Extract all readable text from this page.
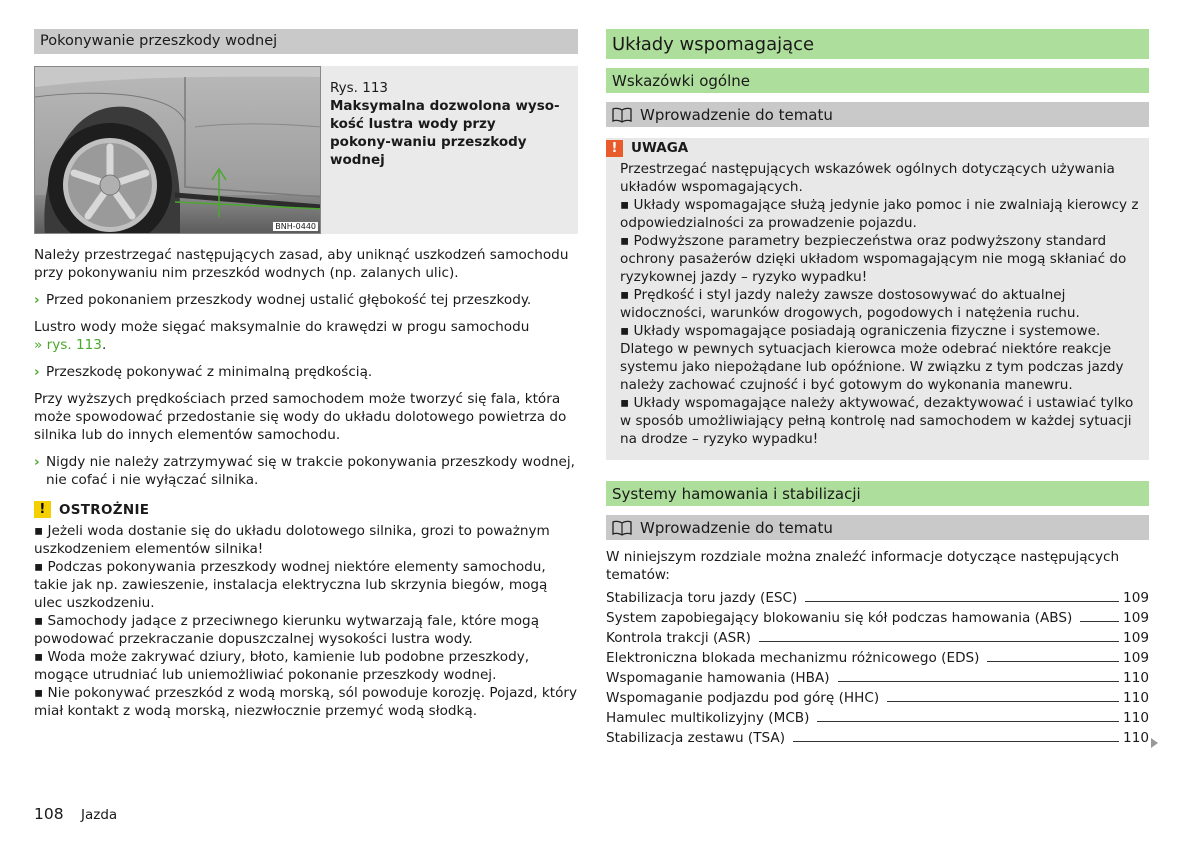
Pokonywanie przeszkody wodnej
BNH-0440
Rys. 113
Maksymalna dozwolona wyso-kość lustra wody przy pokony-waniu przeszkody wodnej
Należy przestrzegać następujących zasad, aby uniknąć uszkodzeń samochodu przy pokonywaniu nim przeszkód wodnych (np. zalanych ulic).
› Przed pokonaniem przeszkody wodnej ustalić głębokość tej przeszkody.
Lustro wody może sięgać maksymalnie do krawędzi w progu samochodu
» rys. 113.
› Przeszkodę pokonywać z minimalną prędkością.
Przy wyższych prędkościach przed samochodem może tworzyć się fala, która może spowodować przedostanie się wody do układu dolotowego powietrza do silnika lub do innych elementów samochodu.
› Nigdy nie należy zatrzymywać się w trakcie pokonywania przeszkody wodnej, nie cofać i nie wyłączać silnika.
! OSTROŻNIE
▪ Jeżeli woda dostanie się do układu dolotowego silnika, grozi to poważnym uszkodzeniem elementów silnika!
▪ Podczas pokonywania przeszkody wodnej niektóre elementy samochodu, takie jak np. zawieszenie, instalacja elektryczna lub skrzynia biegów, mogą ulec uszkodzeniu.
▪ Samochody jadące z przeciwnego kierunku wytwarzają fale, które mogą powodować przekraczanie dopuszczalnej wysokości lustra wody.
▪ Woda może zakrywać dziury, błoto, kamienie lub podobne przeszkody, mogące utrudniać lub uniemożliwiać pokonanie przeszkody wodnej.
▪ Nie pokonywać przeszkód z wodą morską, sól powoduje korozję. Pojazd, który miał kontakt z wodą morską, niezwłocznie przemyć wodą słodką.
Układy wspomagające
Wskazówki ogólne
Wprowadzenie do tematu
!	UWAGA
Przestrzegać następujących wskazówek ogólnych dotyczących używania układów wspomagających.
▪ Układy wspomagające służą jedynie jako pomoc i nie zwalniają kierowcy z odpowiedzialności za prowadzenie pojazdu.
▪ Podwyższone parametry bezpieczeństwa oraz podwyższony standard ochrony pasażerów dzięki układom wspomagającym nie mogą skłaniać do ryzykownej jazdy – ryzyko wypadku!
▪ Prędkość i styl jazdy należy zawsze dostosowywać do aktualnej widoczności, warunków drogowych, pogodowych i natężenia ruchu.
▪ Układy wspomagające posiadają ograniczenia fizyczne i systemowe. Dlatego w pewnych sytuacjach kierowca może odebrać niektóre reakcje systemu jako niepożądane lub opóźnione. W związku z tym podczas jazdy należy zachować czujność i być gotowym do wykonania manewru.
▪ Układy wspomagające należy aktywować, dezaktywować i ustawiać tylko w sposób umożliwiający pełną kontrolę nad samochodem w każdej sytuacji na drodze – ryzyko wypadku!
Systemy hamowania i stabilizacji
Wprowadzenie do tematu
W niniejszym rozdziale można znaleźć informacje dotyczące następujących tematów:
Stabilizacja toru jazdy (ESC)	109
System zapobiegający blokowaniu się kół podczas hamowania (ABS)	109
Kontrola trakcji (ASR)	109
Elektroniczna blokada mechanizmu różnicowego (EDS)	109
Wspomaganie hamowania (HBA)	110
Wspomaganie podjazdu pod górę (HHC)	110
Hamulec multikolizyjny (MCB)	110
Stabilizacja zestawu (TSA)	110
108 Jazda
